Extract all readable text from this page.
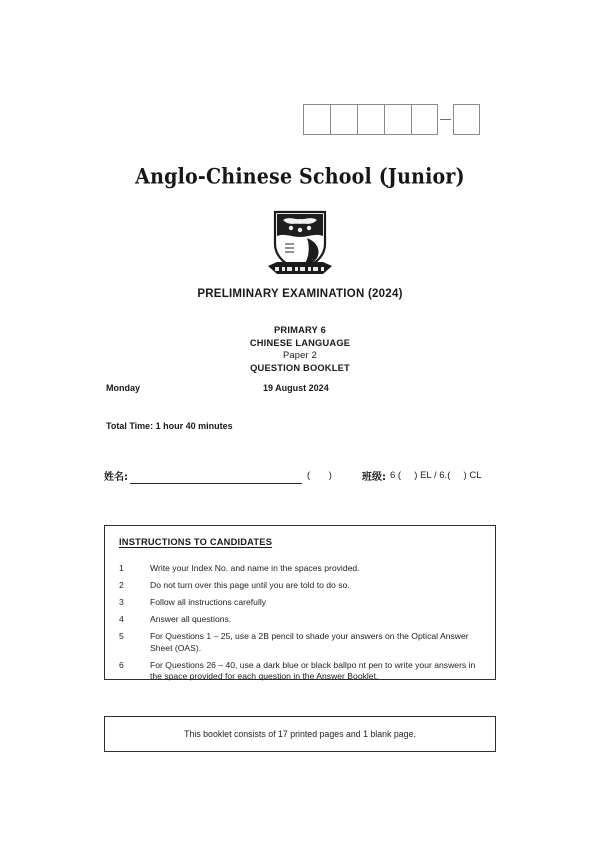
Anglo-Chinese School (Junior)
PRELIMINARY EXAMINATION (2024)
PRIMARY 6
CHINESE LANGUAGE
Paper 2
QUESTION BOOKLET
Monday	19 August 2024
Total Time: 1 hour 40 minutes
姓名:	( ) 班级: 6 (     ) EL / 6.(     ) CL
INSTRUCTIONS TO CANDIDATES
1	Write your Index No. and name in the spaces provided.
2	Do not turn over this page until you are told to do so.
3	Follow all instructions carefully
4	Answer all questions.
5	For Questions 1 – 25, use a 2B pencil to shade your answers on the Optical Answer Sheet (OAS).
6	For Questions 26 – 40, use a dark blue or black ballpo nt pen to write your answers in the space provided for each question in the Answer Booklet.
This booklet consists of 17 printed pages and 1 blank page.
